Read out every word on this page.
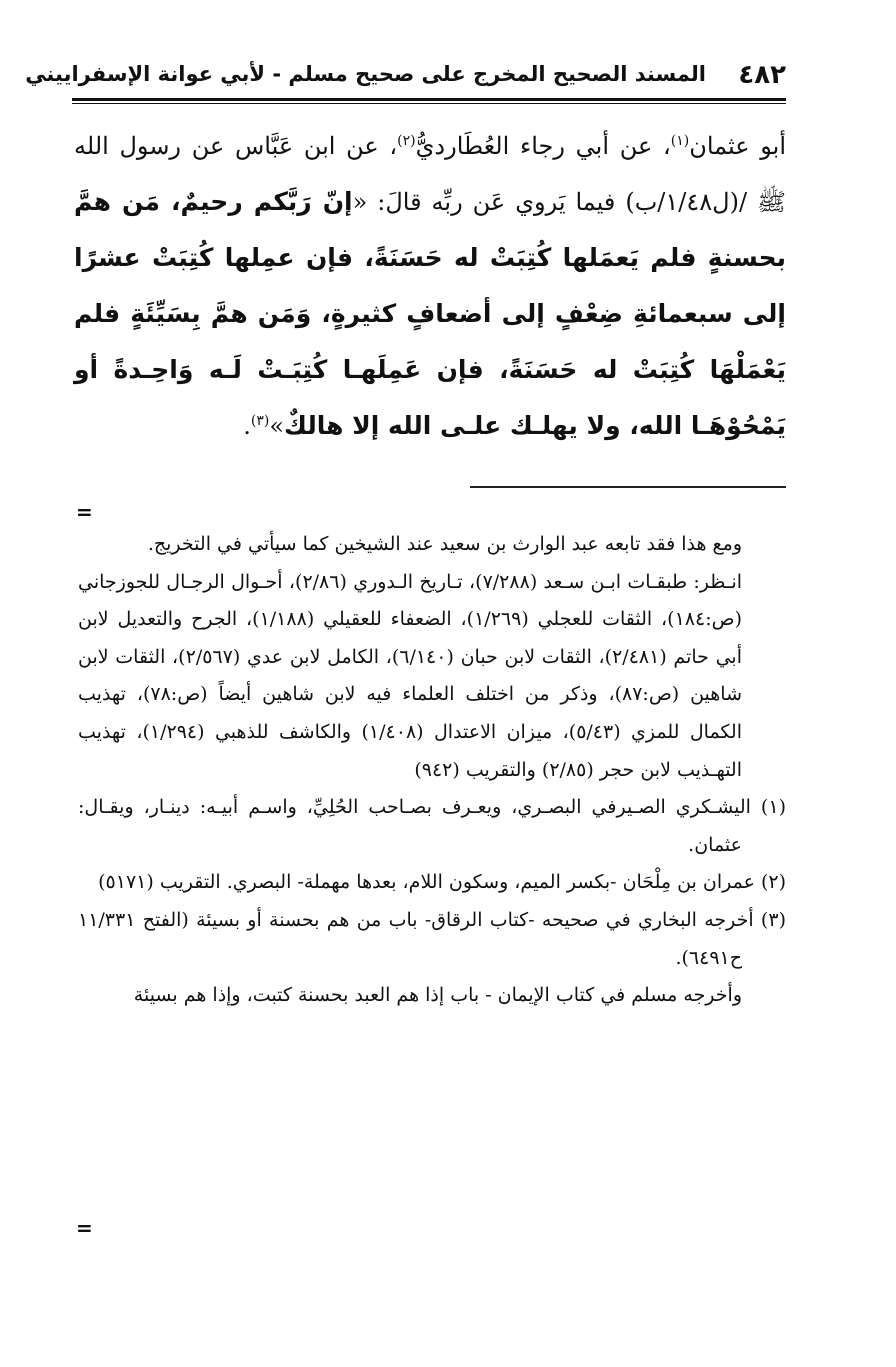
٤٨٢
المسند الصحيح المخرج على صحيح مسلم - لأبي عوانة الإسفراييني
أبو عثمان$^{(١)}$، عن أبي رجاء العُطَارديُّ$^{(٢)}$، عن ابن عَبَّاس عن رسول الله ﷺ /(ل١/٤٨/ب) فيما يَروي عَن ربِّه قالَ: «إنّ رَبَّكم رحيمٌ، مَن همَّ بحسنةٍ فلم يَعمَلها كُتِبَتْ له حَسَنَةً، فإن عمِلها كُتِبَتْ عشرًا إلى سبعمائةِ ضِعْفٍ إلى أضعافٍ كثيرةٍ، وَمَن همَّ بِسَيِّئَةٍ فلم يَعْمَلْهَا كُتِبَتْ له حَسَنَةً، فإن عَمِلَهـا كُتِبَـتْ لَـه وَاحِـدةً أو يَمْحُوْهَـا الله، ولا يهلـك علـى الله إلا هالكٌ»$^{(٣)}$.
=

ومع هذا فقد تابعه عبد الوارث بن سعيد عند الشيخين كما سيأتي في التخريج.

انـظر: طبقـات ابـن سـعد (٧/٢٨٨)، تـاريخ الـدوري (٢/٨٦)، أحـوال الرجـال للجوزجاني (ص:١٨٤)، الثقات للعجلي (١/٢٦٩)، الضعفاء للعقيلي (١/١٨٨)، الجرح والتعديل لابن أبي حاتم (٢/٤٨١)، الثقات لابن حبان (٦/١٤٠)، الكامل لابن عدي (٢/٥٦٧)، الثقات لابن شاهين (ص:٨٧)، وذكر من اختلف العلماء فيه لابن شاهين أيضاً (ص:٧٨)، تهذيب الكمال للمزي (٥/٤٣)، ميزان الاعتدال (١/٤٠٨) والكاشف للذهبي (١/٢٩٤)، تهذيب التهـذيب لابن حجر (٢/٨٥) والتقريب (٩٤٢)

(١) اليشـكري الصـيرفي البصـري، ويعـرف بصـاحب الحُلِيِّ، واسـم أبيـه: دينـار، ويقـال: عثمان.

(٢) عمران بن مِلْحَان -بكسر الميم، وسكون اللام، بعدها مهملة- البصري. التقريب (٥١٧١)

(٣) أخرجه البخاري في صحيحه -كتاب الرقاق- باب من هم بحسنة أو بسيئة (الفتح ١١/٣٣١ ح٦٤٩١).

وأخرجه مسلم في كتاب الإيمان - باب إذا هم العبد بحسنة كتبت، وإذا هم بسيئة

=
